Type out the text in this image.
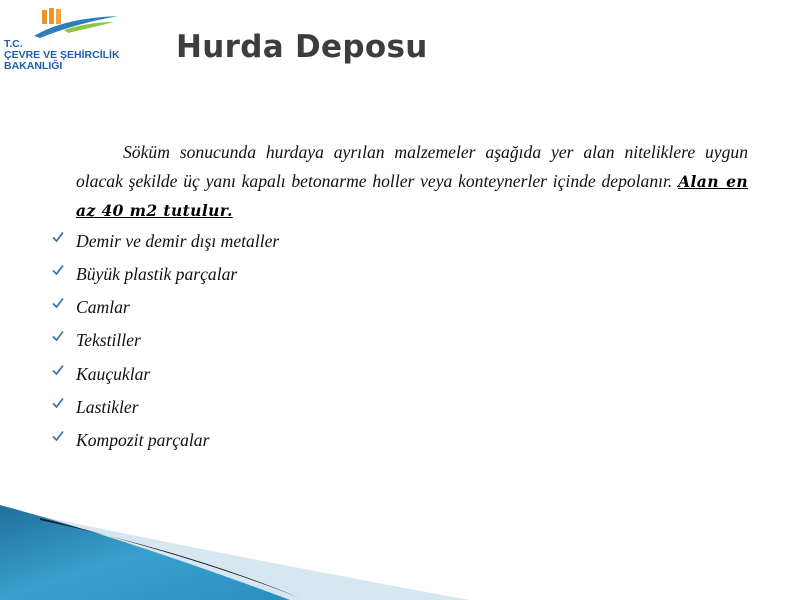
T.C.
ÇEVRE VE ŞEHİRCİLİK
BAKANLIĞI
Hurda Deposu

Söküm sonucunda hurdaya ayrılan malzemeler aşağıda yer alan niteliklere uygun olacak şekilde üç yanı kapalı betonarme holler veya konteynerler içinde depolanır. Alan en az 40 m2 tutulur.

Demir ve demir dışı metaller
Büyük plastik parçalar
Camlar
Tekstiller
Kauçuklar
Lastikler
Kompozit parçalar
